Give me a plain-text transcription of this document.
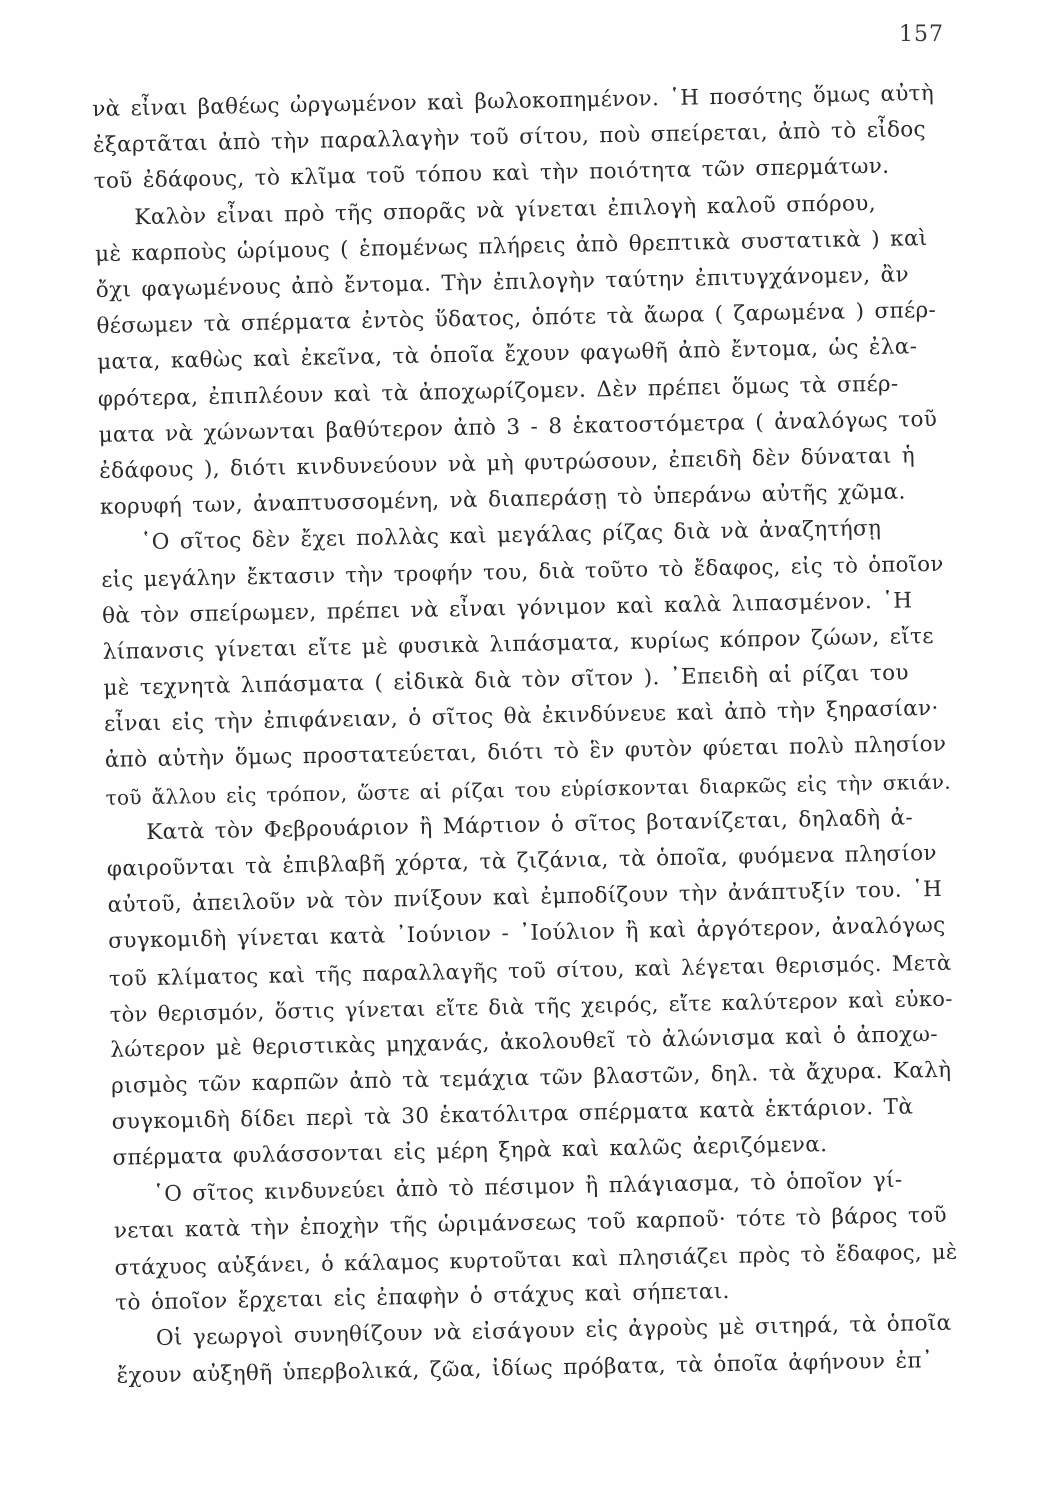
157
νὰ εἶναι βαθέως ὠργωμένον καὶ βωλοκοπημένον. ῾Η ποσότης ὅμως αὐτὴ
ἐξαρτᾶται ἀπὸ τὴν παραλλαγὴν τοῦ σίτου, ποὺ σπείρεται, ἀπὸ τὸ εἶδος
τοῦ ἐδάφους, τὸ κλῖμα τοῦ τόπου καὶ τὴν ποιότητα τῶν σπερμάτων.
Καλὸν εἶναι πρὸ τῆς σπορᾶς νὰ γίνεται ἐπιλογὴ καλοῦ σπόρου,
μὲ καρποὺς ὡρίμους ( ἑπομένως πλήρεις ἀπὸ θρεπτικὰ συστατικὰ ) καὶ
ὄχι φαγωμένους ἀπὸ ἔντομα. Τὴν ἐπιλογὴν ταύτην ἐπιτυγχάνομεν, ἂν
θέσωμεν τὰ σπέρματα ἐντὸς ὕδατος, ὁπότε τὰ ἄωρα ( ζαρωμένα ) σπέρ-
ματα, καθὼς καὶ ἐκεῖνα, τὰ ὁποῖα ἔχουν φαγωθῆ ἀπὸ ἔντομα, ὡς ἐλα-
φρότερα, ἐπιπλέουν καὶ τὰ ἀποχωρίζομεν. Δὲν πρέπει ὅμως τὰ σπέρ-
ματα νὰ χώνωνται βαθύτερον ἀπὸ 3 - 8 ἑκατοστόμετρα ( ἀναλόγως τοῦ
ἐδάφους ), διότι κινδυνεύουν νὰ μὴ φυτρώσουν, ἐπειδὴ δὲν δύναται ἡ
κορυφή των, ἀναπτυσσομένη, νὰ διαπεράσῃ τὸ ὑπεράνω αὐτῆς χῶμα.
῾Ο σῖτος δὲν ἔχει πολλὰς καὶ μεγάλας ρίζας διὰ νὰ ἀναζητήσῃ
εἰς μεγάλην ἔκτασιν τὴν τροφήν του, διὰ τοῦτο τὸ ἔδαφος, εἰς τὸ ὁποῖον
θὰ τὸν σπείρωμεν, πρέπει νὰ εἶναι γόνιμον καὶ καλὰ λιπασμένον. ῾Η
λίπανσις γίνεται εἴτε μὲ φυσικὰ λιπάσματα, κυρίως κόπρον ζώων, εἴτε
μὲ τεχνητὰ λιπάσματα ( εἰδικὰ διὰ τὸν σῖτον ). ᾿Επειδὴ αἱ ρίζαι του
εἶναι εἰς τὴν ἐπιφάνειαν, ὁ σῖτος θὰ ἐκινδύνευε καὶ ἀπὸ τὴν ξηρασίαν·
ἀπὸ αὐτὴν ὅμως προστατεύεται, διότι τὸ ἓν φυτὸν φύεται πολὺ πλησίον
τοῦ ἄλλου εἰς τρόπον, ὥστε αἱ ρίζαι του εὑρίσκονται διαρκῶς εἰς τὴν σκιάν.
Κατὰ τὸν Φεβρουάριον ἢ Μάρτιον ὁ σῖτος βοτανίζεται, δηλαδὴ ἀ-
φαιροῦνται τὰ ἐπιβλαβῆ χόρτα, τὰ ζιζάνια, τὰ ὁποῖα, φυόμενα πλησίον
αὐτοῦ, ἀπειλοῦν νὰ τὸν πνίξουν καὶ ἐμποδίζουν τὴν ἀνάπτυξίν του. ῾Η
συγκομιδὴ γίνεται κατὰ ᾿Ιούνιον - ᾿Ιούλιον ἢ καὶ ἀργότερον, ἀναλόγως
τοῦ κλίματος καὶ τῆς παραλλαγῆς τοῦ σίτου, καὶ λέγεται θερισμός. Μετὰ
τὸν θερισμόν, ὅστις γίνεται εἴτε διὰ τῆς χειρός, εἴτε καλύτερον καὶ εὐκο-
λώτερον μὲ θεριστικὰς μηχανάς, ἀκολουθεῖ τὸ ἀλώνισμα καὶ ὁ ἀποχω-
ρισμὸς τῶν καρπῶν ἀπὸ τὰ τεμάχια τῶν βλαστῶν, δηλ. τὰ ἄχυρα. Καλὴ
συγκομιδὴ δίδει περὶ τὰ 30 ἑκατόλιτρα σπέρματα κατὰ ἑκτάριον. Τὰ
σπέρματα φυλάσσονται εἰς μέρη ξηρὰ καὶ καλῶς ἀεριζόμενα.
῾Ο σῖτος κινδυνεύει ἀπὸ τὸ πέσιμον ἢ πλάγιασμα, τὸ ὁποῖον γί-
νεται κατὰ τὴν ἐποχὴν τῆς ὡριμάνσεως τοῦ καρποῦ· τότε τὸ βάρος τοῦ
στάχυος αὐξάνει, ὁ κάλαμος κυρτοῦται καὶ πλησιάζει πρὸς τὸ ἔδαφος, μὲ
τὸ ὁποῖον ἔρχεται εἰς ἐπαφὴν ὁ στάχυς καὶ σήπεται.
Οἱ γεωργοὶ συνηθίζουν νὰ εἰσάγουν εἰς ἀγροὺς μὲ σιτηρά, τὰ ὁποῖα
ἔχουν αὐξηθῆ ὑπερβολικά, ζῶα, ἰδίως πρόβατα, τὰ ὁποῖα ἀφήνουν ἐπ᾿
